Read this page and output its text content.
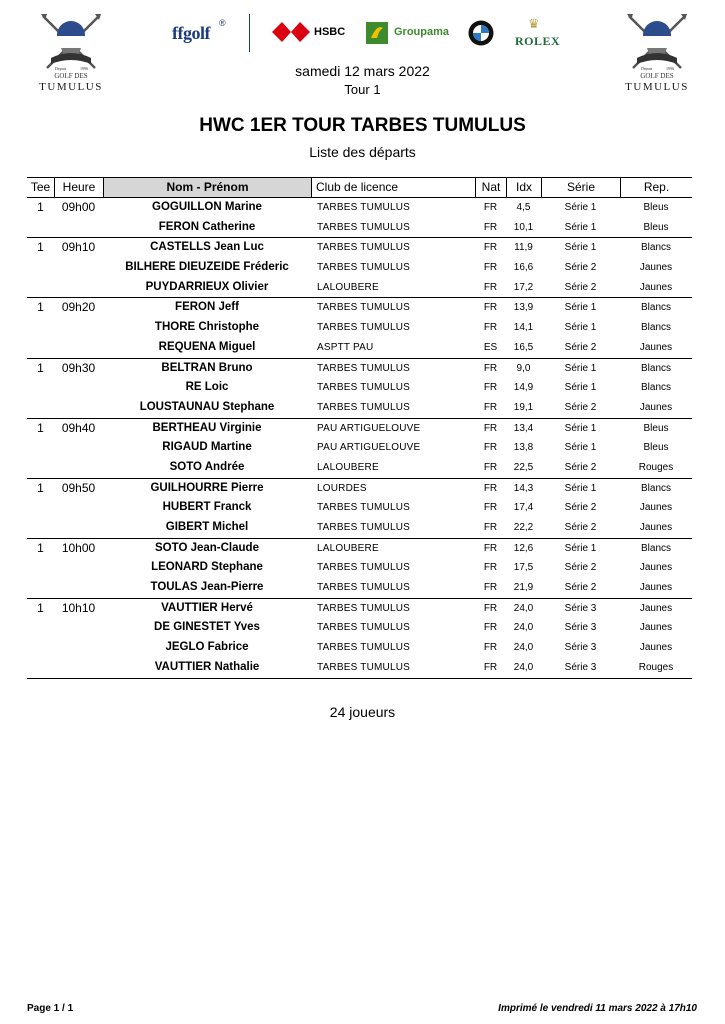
Depuis	1996
GOLF DES
TUMULUS
ffgolf ®
HSBC	Groupama
♛
ROLEX
Depuis	1996
GOLF DES
TUMULUS
samedi 12 mars 2022
Tour 1
HWC 1ER TOUR TARBES TUMULUS
Liste des départs
Tee	Heure	Nom - Prénom	Club de licence	Nat	Idx	Série	Rep.
1	09h00	GOGUILLON Marine	TARBES TUMULUS	FR	4,5	Série 1	Bleus
FERON Catherine	TARBES TUMULUS	FR	10,1	Série 1	Bleus
1	09h10	CASTELLS Jean Luc	TARBES TUMULUS	FR	11,9	Série 1	Blancs
BILHERE DIEUZEIDE Fréderic	TARBES TUMULUS	FR	16,6	Série 2	Jaunes
PUYDARRIEUX Olivier	LALOUBERE	FR	17,2	Série 2	Jaunes
1	09h20	FERON Jeff	TARBES TUMULUS	FR	13,9	Série 1	Blancs
THORE Christophe	TARBES TUMULUS	FR	14,1	Série 1	Blancs
REQUENA Miguel	ASPTT PAU	ES	16,5	Série 2	Jaunes
1	09h30	BELTRAN Bruno	TARBES TUMULUS	FR	9,0	Série 1	Blancs
RE Loic	TARBES TUMULUS	FR	14,9	Série 1	Blancs
LOUSTAUNAU Stephane	TARBES TUMULUS	FR	19,1	Série 2	Jaunes
1	09h40	BERTHEAU Virginie	PAU ARTIGUELOUVE	FR	13,4	Série 1	Bleus
RIGAUD Martine	PAU ARTIGUELOUVE	FR	13,8	Série 1	Bleus
SOTO Andrée	LALOUBERE	FR	22,5	Série 2	Rouges
1	09h50	GUILHOURRE Pierre	LOURDES	FR	14,3	Série 1	Blancs
HUBERT Franck	TARBES TUMULUS	FR	17,4	Série 2	Jaunes
GIBERT Michel	TARBES TUMULUS	FR	22,2	Série 2	Jaunes
1	10h00	SOTO Jean-Claude	LALOUBERE	FR	12,6	Série 1	Blancs
LEONARD Stephane	TARBES TUMULUS	FR	17,5	Série 2	Jaunes
TOULAS Jean-Pierre	TARBES TUMULUS	FR	21,9	Série 2	Jaunes
1	10h10	VAUTTIER Hervé	TARBES TUMULUS	FR	24,0	Série 3	Jaunes
DE GINESTET Yves	TARBES TUMULUS	FR	24,0	Série 3	Jaunes
JEGLO Fabrice	TARBES TUMULUS	FR	24,0	Série 3	Jaunes
VAUTTIER Nathalie	TARBES TUMULUS	FR	24,0	Série 3	Rouges
24 joueurs
Page 1 / 1	Imprimé le vendredi 11 mars 2022 à 17h10
